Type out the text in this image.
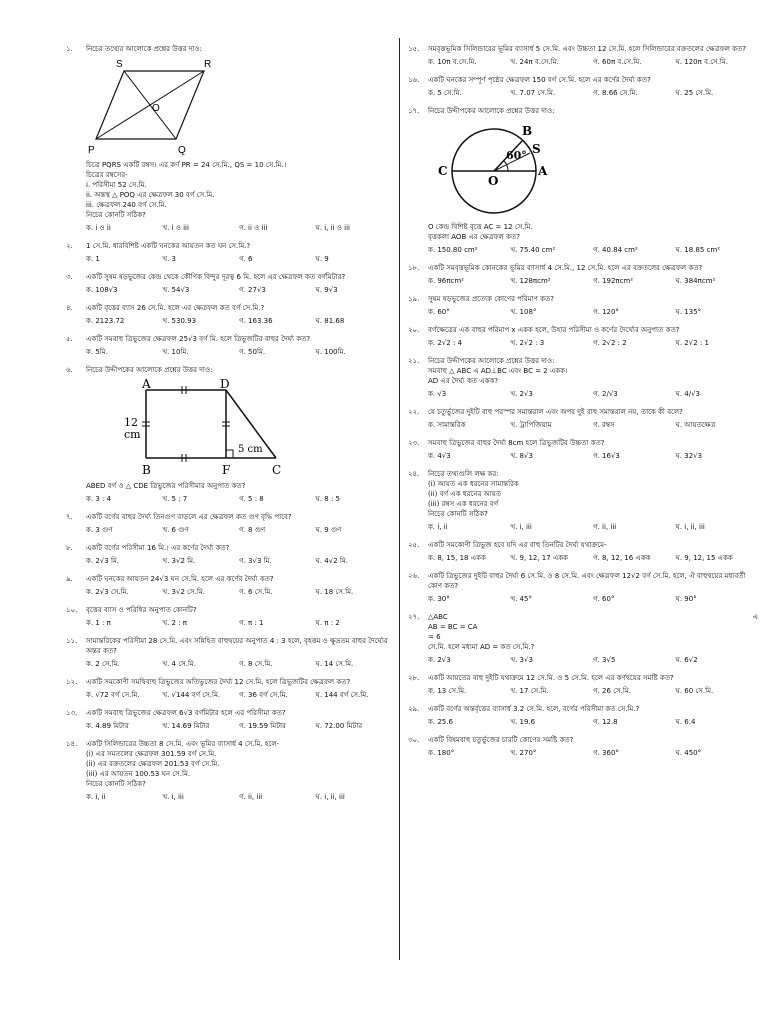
১.	নিচের তথ্যের আলোকে প্রশ্নের উত্তর দাও:
S	R
P	Q
O
চিত্রে PQRS একটি রম্বস। এর কর্ণ PR = 24 সে.মি., QS = 10 সে.মি.।
চিত্রের রম্বসের-
i. পরিসীমা 52 সে.মি.
ii. অন্তস্থ △ POQ এর ক্ষেত্রফল 30 বর্গ সে.মি.
iii. ক্ষেত্রফল 240 বর্গ সে.মি.
নিচের কোনটি সঠিক?
ক. i ও ii	খ. i ও iii	গ. ii ও iii	ঘ. i, ii ও iii
২.	1 সে.মি. ধারবিশিষ্ট একটি ঘনকের আয়তন কত ঘন সে.মি.?
ক. 1	খ. 3	গ. 6	ঘ. 9
৩.	একটি সুষম ষড়ভুজের কেন্দ্র থেকে কৌণিক বিন্দুর দূরত্ব 6 মি. হলে এর ক্ষেত্রফল কত বর্গমিটার?
ক. 108√3	খ. 54√3	গ. 27√3	ঘ. 9√3
৪.	একটি বৃত্তের ব্যাস 26 সে.মি. হলে এর ক্ষেত্রফল কত বর্গ সে.মি.?
ক. 2123.72	খ. 530.93	গ. 163.36	ঘ. 81.68
৫.	একটি সমবাহু ত্রিভুজের ক্ষেত্রফল 25√3 বর্গ মি. হলে ত্রিভুজটির বাহুর দৈর্ঘ্য কত?
ক. 5মি.	খ. 10মি.	গ. 50মি.	ঘ. 100মি.
৬.	নিচের উদ্দীপকের আলোকে প্রশ্নের উত্তর দাও:
A	D
B	F	C
12
cm
5 cm
ABED বর্গ ও △ CDE ত্রিভুজের পরিসীমার অনুপাত কত?
ক. 3 : 4	খ. 5 : 7	গ. 5 : 8	ঘ. 8 : 5
৭.	একটি বর্গের বাহুর দৈর্ঘ্য তিনগুণ বাড়লে এর ক্ষেত্রফল কত গুণ বৃদ্ধি পাবে?
ক. 3 গুণ	খ. 6 গুণ	গ. 8 গুণ	ঘ. 9 গুণ
৮.	একটি বর্গের পরিসীমা 16 মি.। এর কর্ণের দৈর্ঘ্য কত?
ক. 2√3 মি.	খ. 3√2 মি.	গ. 3√3 মি.	ঘ. 4√2 মি.
৯.	একটি ঘনকের আয়তন 24√3 ঘন সে.মি. হলে এর কর্ণের দৈর্ঘ্য কত?
ক. 2√3 সে.মি.	খ. 3√2 সে.মি.	গ. 6 সে.মি.	ঘ. 18 সে.মি.
১০.	বৃত্তের ব্যাস ও পরিধির অনুপাত কোনটি?
ক. 1 : π	খ. 2 : π	গ. π : 1	ঘ. π : 2
১১.	সামান্তরিকের পরিসীমা 28 সে.মি. এবং সন্নিহিত বাহুদ্বয়ের অনুপাত 4 : 3 হলে, বৃহত্তম ও ক্ষুদ্রতম বাহুর দৈর্ঘ্যের অন্তর কত?
ক. 2 সে.মি.	খ. 4 সে.মি.	গ. 8 সে.মি.	ঘ. 14 সে.মি.
১২.	একটি সমকোণী সমদ্বিবাহু ত্রিভুজের অতিভুজের দৈর্ঘ্য 12 সে.মি. হলে ত্রিভুজটির ক্ষেত্রফল কত?
ক. √72 বর্গ সে.মি.	খ. √144 বর্গ সে.মি.	গ. 36 বর্গ সে.মি.	ঘ. 144 বর্গ সে.মি.
১৩.	একটি সমবাহু ত্রিভুজের ক্ষেত্রফল 6√3 বর্গমিটার হলে এর পরিসীমা কত?
ক. 4.89 মিটার	খ. 14.69 মিটার	গ. 19.59 মিটার	ঘ. 72.00 মিটার
১৪.	একটি সিলিন্ডারের উচ্চতা 8 সে.মি. এবং ভূমির ব্যাসার্ধ 4 সে.মি. হলে-
(i) এর সমতলের ক্ষেত্রফল 301.59 বর্গ সে.মি.
(ii) এর বক্রতলের ক্ষেত্রফল 201.53 বর্গ সে.মি.
(iii) এর আয়তন 100.53 ঘন সে.মি.
নিচের কোনটি সঠিক?
ক. i, ii	খ. i, iii	গ. ii, iii	ঘ. i, ii, iii
১৫.	সমবৃত্তভূমিক সিলিন্ডারের ভূমির ব্যাসার্ধ 5 সে.মি. এবং উচ্চতা 12 সে.মি. হলে সিলিন্ডারের বক্রতলের ক্ষেত্রফল কত?
ক. 10π ব.সে.মি.	খ. 24π ব.সে.মি.	গ. 60π ব.সে.মি.	ঘ. 120π ব.সে.মি.
১৬.	একটি ঘনকের সম্পূর্ণ পৃষ্ঠের ক্ষেত্রফল 150 বর্গ সে.মি. হলে এর কর্ণের দৈর্ঘ্য কত?
ক. 5 সে.মি.	খ. 7.07 সে.মি.	গ. 8.66 সে.মি.	ঘ. 25 সে.মি.
১৭.	নিচের উদ্দীপকের আলোকে প্রশ্নের উত্তর দাও:
B
S
A
C
O
60°
O কেন্দ্র বিশিষ্ট বৃত্তে AC = 12 সে.মি.
বৃত্তকলা AOB এর ক্ষেত্রফল কত?
ক. 150.80 cm²	খ. 75.40 cm²	গ. 40.84 cm²	ঘ. 18.85 cm²
১৮.	একটি সমবৃত্তভূমিক কোনকের ভূমির ব্যাসার্ধ 4 সে.মি., 12 সে.মি. হলে এর বক্রতলের ক্ষেত্রফল কত?
ক. 96πcm²	খ. 128πcm²	গ. 192πcm²	ঘ. 384πcm²
১৯.	সুষম ষড়ভুজের প্রত্যেক কোণের পরিমাণ কত?
ক. 60°	খ. 108°	গ. 120°	ঘ. 135°
২০.	বর্গক্ষেত্রের এক বাহুর পরিমাপ x একক হলে, উহার পরিসীমা ও কর্ণের দৈর্ঘ্যের অনুপাত কত?
ক. 2√2 : 4	খ. 2√2 : 3	গ. 2√2 : 2	ঘ. 2√2 : 1
২১.	নিচের উদ্দীপকের আলোকে প্রশ্নের উত্তর দাও:
সমবাহু △ ABC এ AD⊥BC এবং BC = 2 একক।
AD এর দৈর্ঘ্য কত একক?
ক. √3	খ. 2√3	গ. 2/√3	ঘ. 4/√3
২২.	যে চতুর্ভুজের দুইটি বাহু পরস্পর সমান্তরাল এবং অপর দুই বাহু সমান্তরাল নয়, তাকে কী বলে?
ক. সামান্তরিক	খ. ট্রাপিজিয়াম	গ. রম্বস	ঘ. আয়তক্ষেত্র
২৩.	সমবাহু ত্রিভুজের বাহুর দৈর্ঘ্য 8cm হলে ত্রিভুজটির উচ্চতা কত?
ক. 4√3	খ. 8√3	গ. 16√3	ঘ. 32√3
২৪.	নিচের তথ্যগুলি লক্ষ কর:
(i) আয়ত এক ধরনের সামান্তরিক
(ii) বর্গ এক ধরনের আয়ত
(iii) রম্বস এক ধরনের বর্গ
নিচের কোনটি সঠিক?
ক. i, ii	খ. i, iii	গ. ii, iii	ঘ. i, ii, iii
২৫.	একটি সমকোণী ত্রিভুজ হবে যদি এর বাহু তিনটির দৈর্ঘ্য যথাক্রমে-
ক. 8, 15, 18 একক	খ. 9, 12, 17 একক	গ. 8, 12, 16 একক	ঘ. 9, 12, 15 একক
২৬.	একটি ত্রিভুজের দুইটি বাহুর দৈর্ঘ্য 6 সে.মি. ও 8 সে.মি. এবং ক্ষেত্রফল 12√2 বর্গ সে.মি. হলে, ঐ বাহুদ্বয়ের মধ্যবর্তী কোণ কত?
ক. 30°	খ. 45°	গ. 60°	ঘ. 90°
২৭.	△ABC	এ
AB = BC = CA
= 6
সে.মি. হলে মধ্যমা AD = কত সে.মি.?
ক. 2√3	খ. 3√3	গ. 3√5	ঘ. 6√2
২৮.	একটি আয়তের বাহু দুইটি যথাক্রমে 12 সে.মি. ও 5 সে.মি. হলে এর কর্ণদ্বয়ের সমষ্টি কত?
ক. 13 সে.মি.	খ. 17 সে.মি.	গ. 26 সে.মি.	ঘ. 60 সে.মি.
২৯.	একটি বর্গের অন্তর্বৃত্তের ব্যাসার্ধ 3.2 সে.মি. হলে, বর্গের পরিসীমা কত সে.মি.?
ক. 25.6	খ. 19.6	গ. 12.8	ঘ. 6.4
৩০.	একটি বিষমবাহু চতুর্ভুজের চারটি কোণের সমষ্টি কত?
ক. 180°	খ. 270°	গ. 360°	ঘ. 450°
